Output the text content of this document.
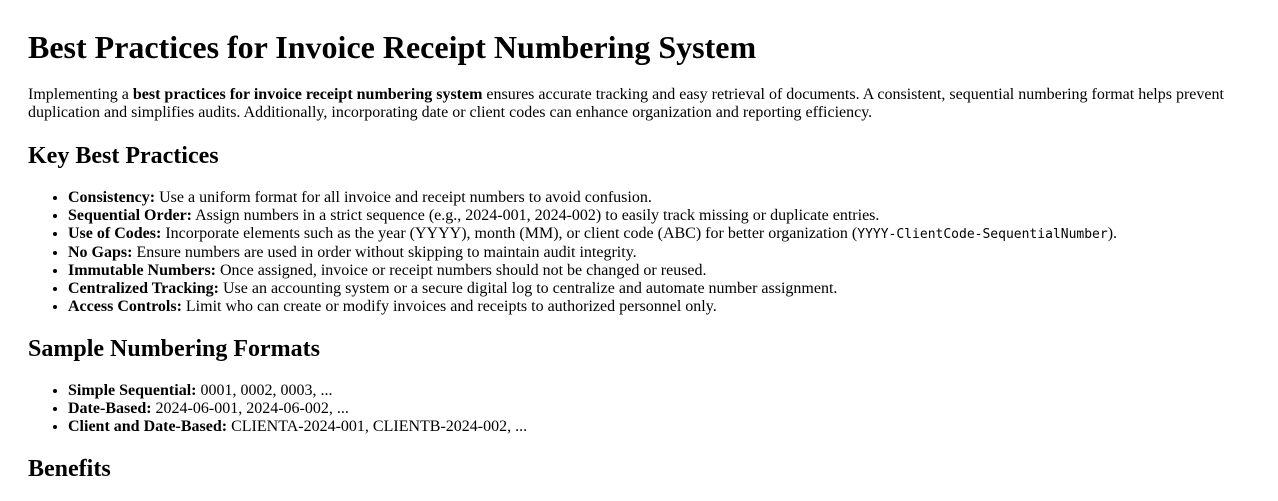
Best Practices for Invoice Receipt Numbering System

Implementing a best practices for invoice receipt numbering system ensures accurate tracking and easy retrieval of documents. A consistent, sequential numbering format helps prevent duplication and simplifies audits. Additionally, incorporating date or client codes can enhance organization and reporting efficiency.

Key Best Practices
• Consistency: Use a uniform format for all invoice and receipt numbers to avoid confusion.
• Sequential Order: Assign numbers in a strict sequence (e.g., 2024-001, 2024-002) to easily track missing or duplicate entries.
• Use of Codes: Incorporate elements such as the year (YYYY), month (MM), or client code (ABC) for better organization (YYYY-ClientCode-SequentialNumber).
• No Gaps: Ensure numbers are used in order without skipping to maintain audit integrity.
• Immutable Numbers: Once assigned, invoice or receipt numbers should not be changed or reused.
• Centralized Tracking: Use an accounting system or a secure digital log to centralize and automate number assignment.
• Access Controls: Limit who can create or modify invoices and receipts to authorized personnel only.
Sample Numbering Formats
• Simple Sequential: 0001, 0002, 0003, ...
• Date-Based: 2024-06-001, 2024-06-002, ...
• Client and Date-Based: CLIENTA-2024-001, CLIENTB-2024-002, ...
Benefits
